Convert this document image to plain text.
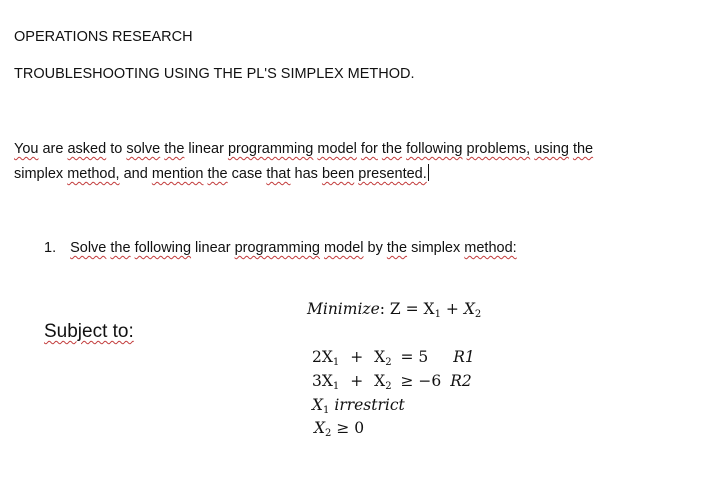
OPERATIONS RESEARCH
TROUBLESHOOTING USING THE PL'S SIMPLEX METHOD.
You are asked to solve the linear programming model for the following problems, using the
simplex method, and mention the case that has been presented.
1. Solve the following linear programming model by the simplex method:
Minimize: $Z = X_1 + X_2$
Subject to:
$2X_1 + X_2 = 5$ R1
$3X_1 + X_2 \ge -6$ R2
$X_1$ irrestrict
$X_2 \ge 0$
